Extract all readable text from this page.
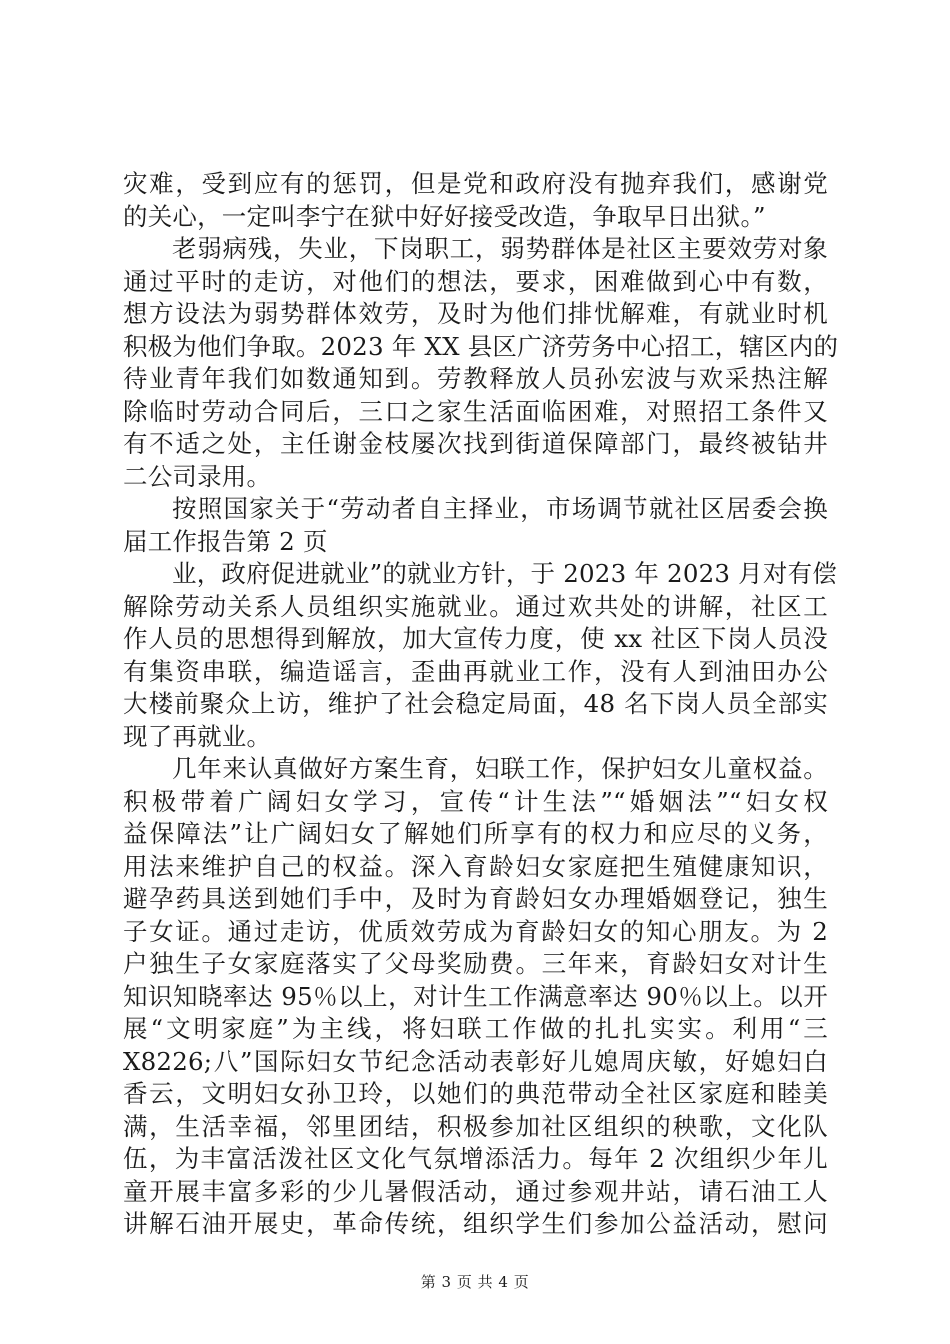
灾难，受到应有的惩罚，但是党和政府没有抛弃我们，感谢党
的关心，一定叫李宁在狱中好好接受改造，争取早日出狱。”
老弱病残，失业，下岗职工，弱势群体是社区主要效劳对象
通过平时的走访，对他们的想法，要求，困难做到心中有数，
想方设法为弱势群体效劳，及时为他们排忧解难，有就业时机
积极为他们争取。2023 年 XX 县区广济劳务中心招工，辖区内的
待业青年我们如数通知到。劳教释放人员孙宏波与欢采热注解
除临时劳动合同后，三口之家生活面临困难，对照招工条件又
有不适之处，主任谢金枝屡次找到街道保障部门，最终被钻井
二公司录用。
按照国家关于“劳动者自主择业，市场调节就社区居委会换
届工作报告第 2 页
业，政府促进就业”的就业方针，于 2023 年 2023 月对有偿
解除劳动关系人员组织实施就业。通过欢共处的讲解，社区工
作人员的思想得到解放，加大宣传力度，使 xx 社区下岗人员没
有集资串联，编造谣言，歪曲再就业工作，没有人到油田办公
大楼前聚众上访，维护了社会稳定局面，48 名下岗人员全部实
现了再就业。
几年来认真做好方案生育，妇联工作，保护妇女儿童权益。
积极带着广阔妇女学习，宣传“计生法”“婚姻法”“妇女权
益保障法”让广阔妇女了解她们所享有的权力和应尽的义务，
用法来维护自己的权益。深入育龄妇女家庭把生殖健康知识，
避孕药具送到她们手中，及时为育龄妇女办理婚姻登记，独生
子女证。通过走访，优质效劳成为育龄妇女的知心朋友。为 2
户独生子女家庭落实了父母奖励费。三年来，育龄妇女对计生
知识知晓率达 95％以上，对计生工作满意率达 90％以上。以开
展“文明家庭”为主线，将妇联工作做的扎扎实实。利用“三
X8226;八”国际妇女节纪念活动表彰好儿媳周庆敏，好媳妇白
香云，文明妇女孙卫玲，以她们的典范带动全社区家庭和睦美
满，生活幸福，邻里团结，积极参加社区组织的秧歌，文化队
伍，为丰富活泼社区文化气氛增添活力。每年 2 次组织少年儿
童开展丰富多彩的少儿暑假活动，通过参观井站，请石油工人
讲解石油开展史，革命传统，组织学生们参加公益活动，慰问
第 3 页 共 4 页
